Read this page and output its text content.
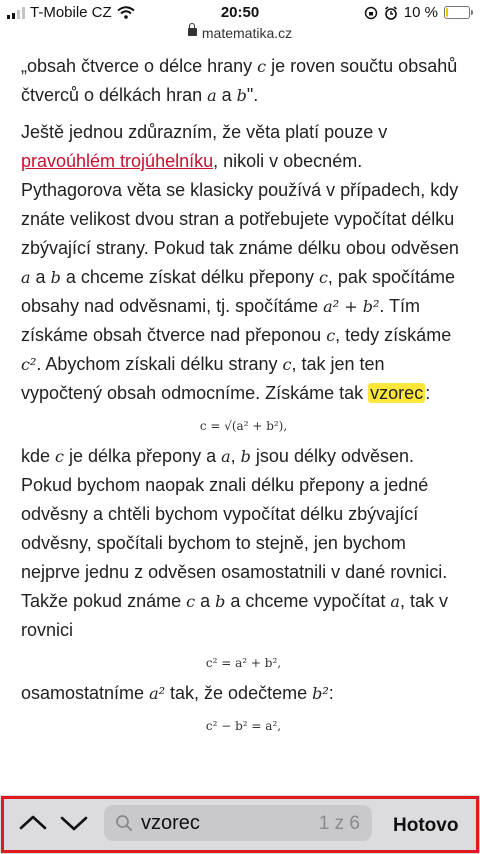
T-Mobile CZ	20:50	10 %
matematika.cz

„obsah čtverce o délce hrany c je roven součtu obsahů čtverců o délkách hran a a b".

Ještě jednou zdůrazním, že věta platí pouze v pravoúhlém trojúhelníku, nikoli v obecném. Pythagorova věta se klasicky používá v případech, kdy znáte velikost dvou stran a potřebujete vypočítat délku zbývající strany. Pokud tak známe délku obou odvěsen a a b a chceme získat délku přepony c, pak spočítáme obsahy nad odvěsnami, tj. spočítáme a² + b². Tím získáme obsah čtverce nad přeponou c, tedy získáme c². Abychom získali délku strany c, tak jen ten vypočtený obsah odmocníme. Získáme tak vzorec :

c = √(a² + b²),

kde c je délka přepony a a, b jsou délky odvěsen. Pokud bychom naopak znali délku přepony a jedné odvěsny a chtěli bychom vypočítat délku zbývající odvěsny, spočítali bychom to stejně, jen bychom nejprve jednu z odvěsen osamostatnili v dané rovnici. Takže pokud známe c a b a chceme vypočítat a, tak v rovnici

c² = a² + b²,

osamostatníme a² tak, že odečteme b²:

c² − b² = a²,
vzorec	1 z 6 Hotovo
